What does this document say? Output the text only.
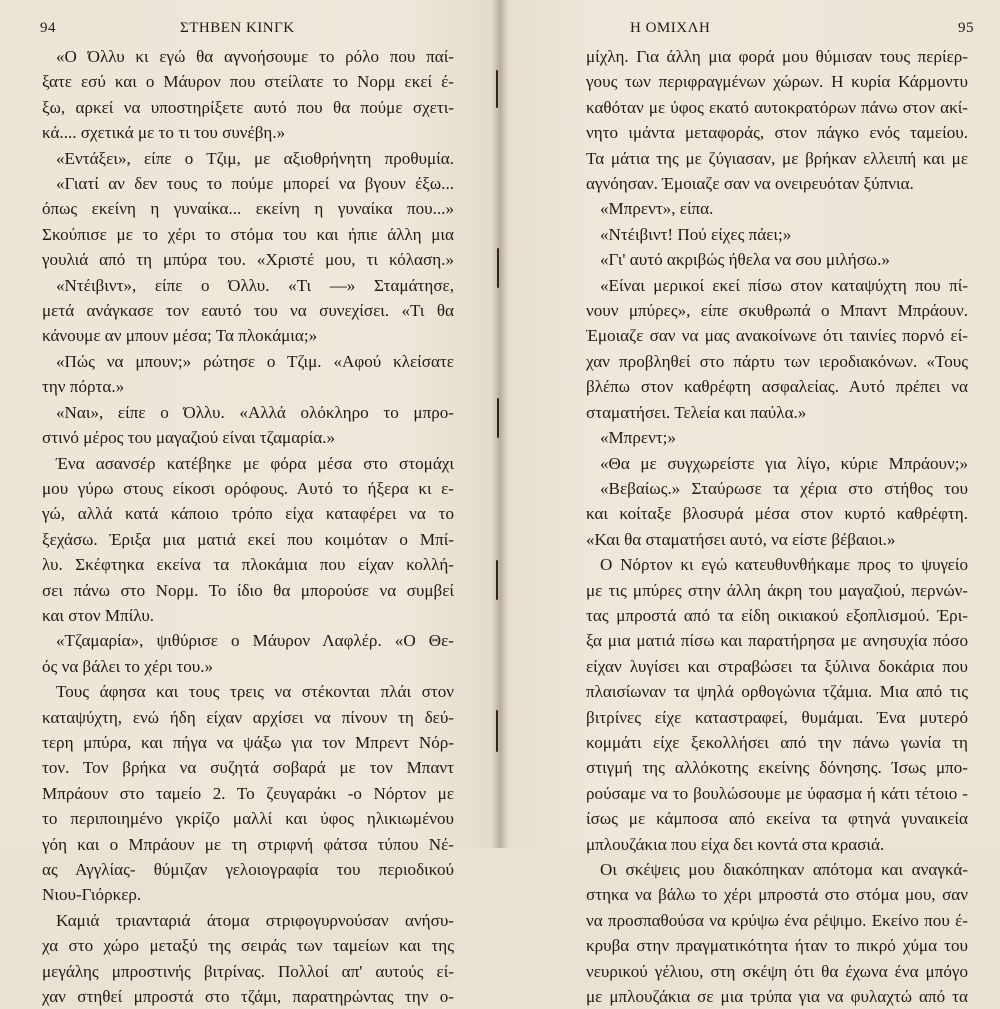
94	ΣΤΗΒΕΝ ΚΙΝΓΚ
«Ο Όλλυ κι εγώ θα αγνοήσουμε το ρόλο που παί-
ξατε εσύ και ο Μάυρον που στείλατε το Νορμ εκεί έ-
ξω, αρκεί να υποστηρίξετε αυτό που θα πούμε σχετι-
κά.... σχετικά με το τι του συνέβη.»
«Εντάξει», είπε ο Τζιμ, με αξιοθρήνητη προθυμία.
«Γιατί αν δεν τους το πούμε μπορεί να βγουν έξω...
όπως εκείνη η γυναίκα... εκείνη η γυναίκα που...»
Σκούπισε με το χέρι το στόμα του και ήπιε άλλη μια
γουλιά από τη μπύρα του. «Χριστέ μου, τι κόλαση.»
«Ντέιβιντ», είπε ο Όλλυ. «Τι —» Σταμάτησε,
μετά ανάγκασε τον εαυτό του να συνεχίσει. «Τι θα
κάνουμε αν μπουν μέσα; Τα πλοκάμια;»
«Πώς να μπουν;» ρώτησε ο Τζιμ. «Αφού κλείσατε
την πόρτα.»
«Ναι», είπε ο Όλλυ. «Αλλά ολόκληρο το μπρο-
στινό μέρος του μαγαζιού είναι τζαμαρία.»
Ένα ασανσέρ κατέβηκε με φόρα μέσα στο στομάχι
μου γύρω στους είκοσι ορόφους. Αυτό το ήξερα κι ε-
γώ, αλλά κατά κάποιο τρόπο είχα καταφέρει να το
ξεχάσω. Έριξα μια ματιά εκεί που κοιμόταν ο Μπί-
λυ. Σκέφτηκα εκείνα τα πλοκάμια που είχαν κολλή-
σει πάνω στο Νορμ. Το ίδιο θα μπορούσε να συμβεί
και στον Μπίλυ.
«Τζαμαρία», ψιθύρισε ο Μάυρον Λαφλέρ. «Ο Θε-
ός να βάλει το χέρι του.»
Τους άφησα και τους τρεις να στέκονται πλάι στον
καταψύχτη, ενώ ήδη είχαν αρχίσει να πίνουν τη δεύ-
τερη μπύρα, και πήγα να ψάξω για τον Μπρεντ Νόρ-
τον. Τον βρήκα να συζητά σοβαρά με τον Μπαντ
Μπράουν στο ταμείο 2. Το ζευγαράκι -ο Νόρτον με
το περιποιημένο γκρίζο μαλλί και ύφος ηλικιωμένου
γόη και ο Μπράουν με τη στριφνή φάτσα τύπου Νέ-
ας Αγγλίας- θύμιζαν γελοιογραφία του περιοδικού
Νιου-Γιόρκερ.
Καμιά τριανταριά άτομα στριφογυρνούσαν ανήσυ-
χα στο χώρο μεταξύ της σειράς των ταμείων και της
μεγάλης μπροστινής βιτρίνας. Πολλοί απ' αυτούς εί-
χαν στηθεί μπροστά στο τζάμι, παρατηρώντας την ο-
Η ΟΜΙΧΛΗ	95
μίχλη. Για άλλη μια φορά μου θύμισαν τους περίερ-
γους των περιφραγμένων χώρων. Η κυρία Κάρμοντυ
καθόταν με ύφος εκατό αυτοκρατόρων πάνω στον ακί-
νητο ιμάντα μεταφοράς, στον πάγκο ενός ταμείου.
Τα μάτια της με ζύγιασαν, με βρήκαν ελλειπή και με
αγνόησαν. Έμοιαζε σαν να ονειρευόταν ξύπνια.
«Μπρεντ», είπα.
«Ντέιβιντ! Πού είχες πάει;»
«Γι' αυτό ακριβώς ήθελα να σου μιλήσω.»
«Είναι μερικοί εκεί πίσω στον καταψύχτη που πί-
νουν μπύρες», είπε σκυθρωπά ο Μπαντ Μπράουν.
Έμοιαζε σαν να μας ανακοίνωνε ότι ταινίες πορνό εί-
χαν προβληθεί στο πάρτυ των ιεροδιακόνων. «Τους
βλέπω στον καθρέφτη ασφαλείας. Αυτό πρέπει να
σταματήσει. Τελεία και παύλα.»
«Μπρεντ;»
«Θα με συγχωρείστε για λίγο, κύριε Μπράουν;»
«Βεβαίως.» Σταύρωσε τα χέρια στο στήθος του
και κοίταξε βλοσυρά μέσα στον κυρτό καθρέφτη.
«Και θα σταματήσει αυτό, να είστε βέβαιοι.»
Ο Νόρτον κι εγώ κατευθυνθήκαμε προς το ψυγείο
με τις μπύρες στην άλλη άκρη του μαγαζιού, περνών-
τας μπροστά από τα είδη οικιακού εξοπλισμού. Έρι-
ξα μια ματιά πίσω και παρατήρησα με ανησυχία πόσο
είχαν λυγίσει και στραβώσει τα ξύλινα δοκάρια που
πλαισίωναν τα ψηλά ορθογώνια τζάμια. Μια από τις
βιτρίνες είχε καταστραφεί, θυμάμαι. Ένα μυτερό
κομμάτι είχε ξεκολλήσει από την πάνω γωνία τη
στιγμή της αλλόκοτης εκείνης δόνησης. Ίσως μπο-
ρούσαμε να το βουλώσουμε με ύφασμα ή κάτι τέτοιο -
ίσως με κάμποσα από εκείνα τα φτηνά γυναικεία
μπλουζάκια που είχα δει κοντά στα κρασιά.
Οι σκέψεις μου διακόπηκαν απότομα και αναγκά-
στηκα να βάλω το χέρι μπροστά στο στόμα μου, σαν
να προσπαθούσα να κρύψω ένα ρέψιμο. Εκείνο που έ-
κρυβα στην πραγματικότητα ήταν το πικρό χύμα του
νευρικού γέλιου, στη σκέψη ότι θα έχωνα ένα μπόγο
με μπλουζάκια σε μια τρύπα για να φυλαχτώ από τα
